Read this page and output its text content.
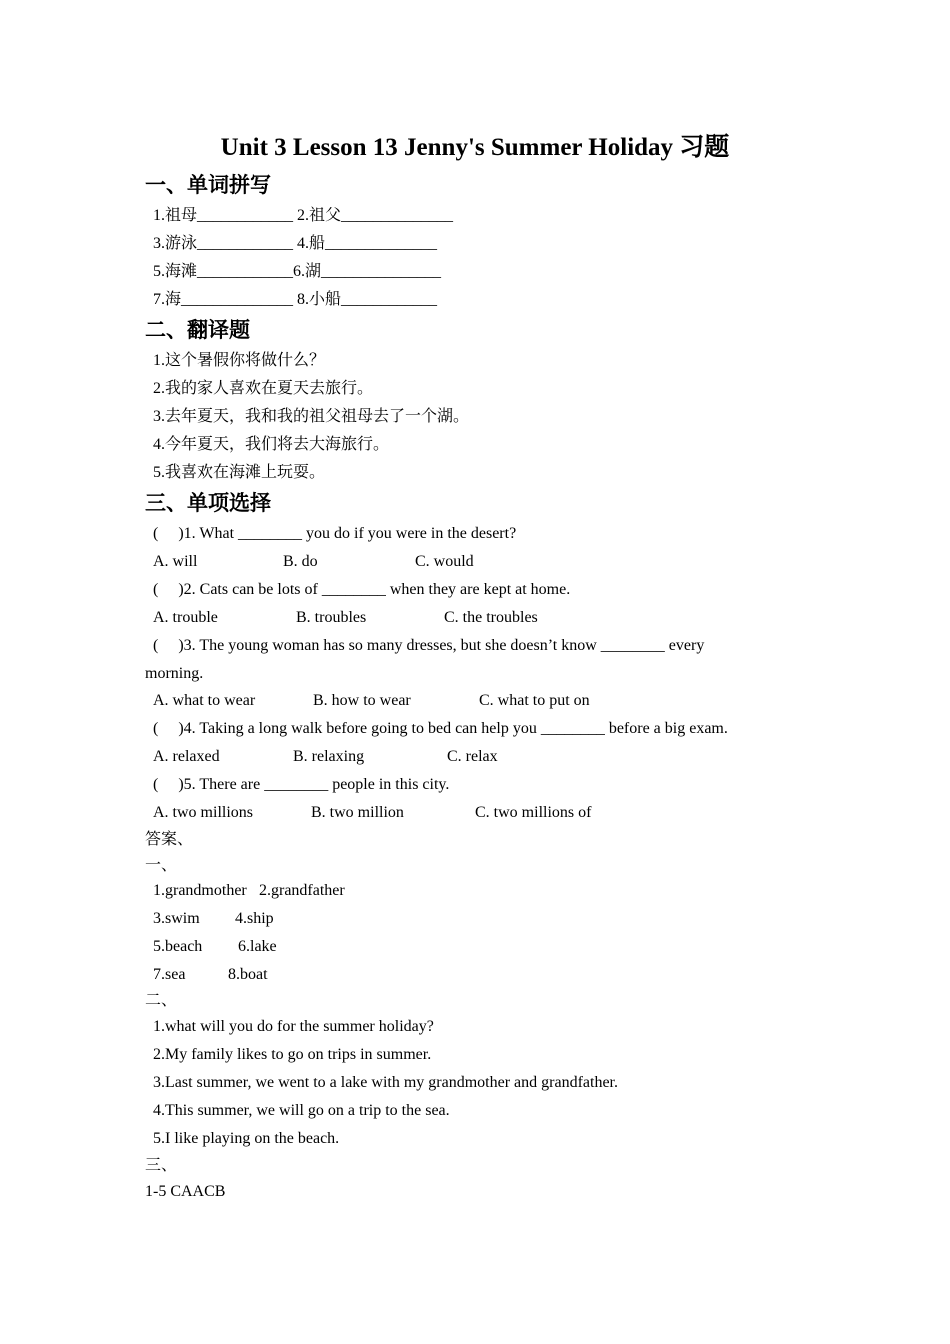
Unit 3 Lesson 13 Jenny's Summer Holiday 习题
一、单词拼写
1.祖母____________ 2.祖父______________
3.游泳____________ 4.船______________
5.海滩____________6.湖_______________
7.海______________ 8.小船____________
二、翻译题
1.这个暑假你将做什么？
2.我的家人喜欢在夏天去旅行。
3.去年夏天，我和我的祖父祖母去了一个湖。
4.今年夏天，我们将去大海旅行。
5.我喜欢在海滩上玩耍。
三、单项选择
(　 )1. What ________ you do if you were in the desert?
A. will	B. do	C. would
(　 )2. Cats can be lots of ________ when they are kept at home.
A. trouble	B. troubles	C. the troubles
(　 )3. The young woman has so many dresses, but she doesn’t know ________ every
morning.
A. what to wear	B. how to wear	C. what to put on
(　 )4. Taking a long walk before going to bed can help you ________ before a big exam.
A. relaxed	B. relaxing	C. relax
(　 )5. There are ________ people in this city.
A. two millions	B. two million	C. two millions of
答案、
一、
1.grandmother 2.grandfather
3.swim 4.ship
5.beach 6.lake
7.sea	8.boat
二、
1.what will you do for the summer holiday?
2.My family likes to go on trips in summer.
3.Last summer, we went to a lake with my grandmother and grandfather.
4.This summer, we will go on a trip to the sea.
5.I like playing on the beach.
三、
1-5 CAACB
